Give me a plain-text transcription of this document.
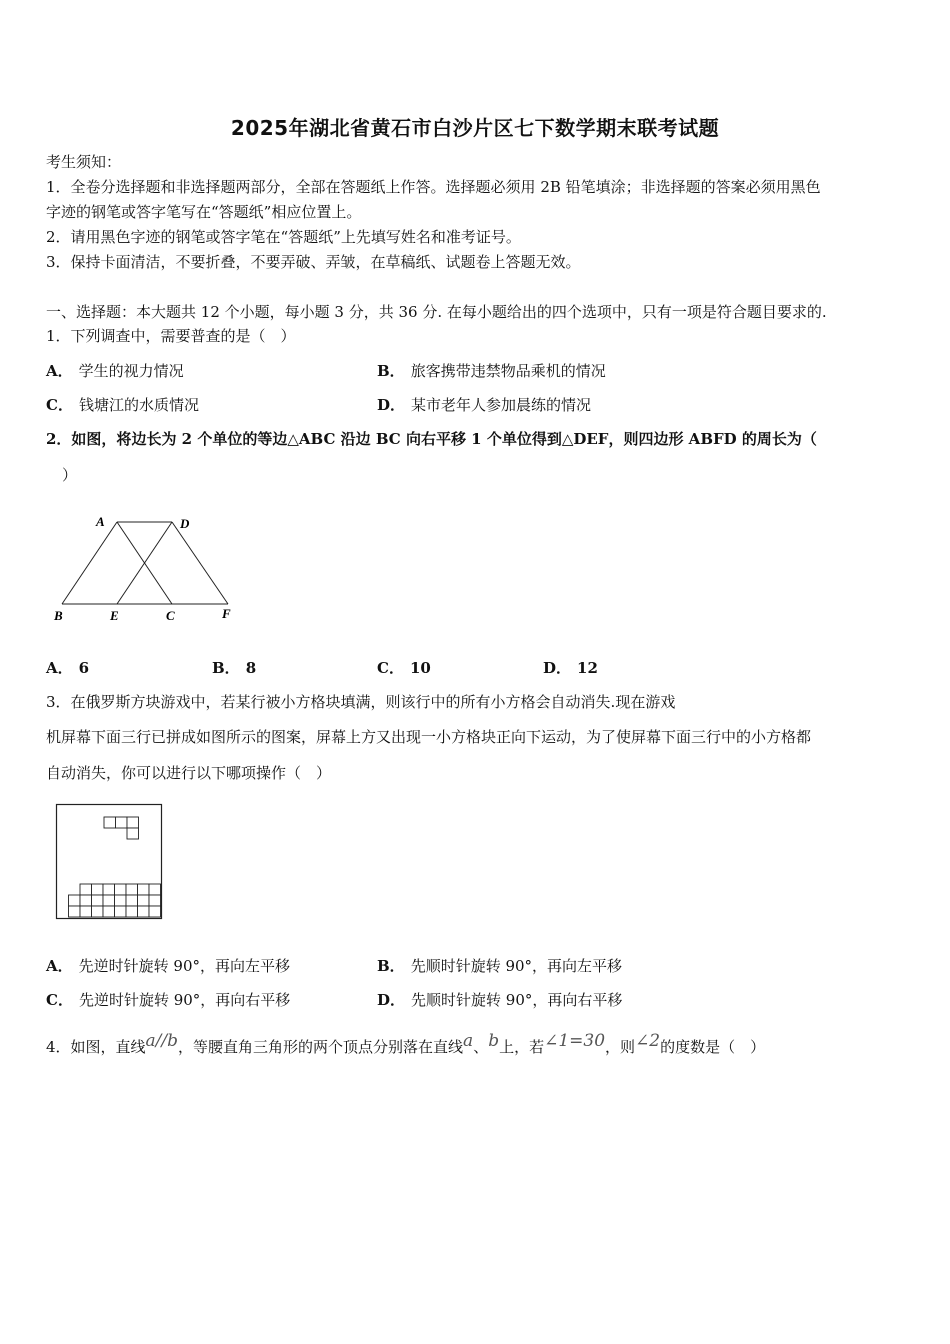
2025年湖北省黄石市白沙片区七下数学期末联考试题
考生须知：
1．全卷分选择题和非选择题两部分，全部在答题纸上作答。选择题必须用 2B 铅笔填涂；非选择题的答案必须用黑色
字迹的钢笔或答字笔写在“答题纸”相应位置上。
2．请用黑色字迹的钢笔或答字笔在“答题纸”上先填写姓名和准考证号。
3．保持卡面清洁，不要折叠，不要弄破、弄皱，在草稿纸、试题卷上答题无效。
一、选择题：本大题共 12 个小题，每小题 3 分，共 36 分. 在每小题给出的四个选项中，只有一项是符合题目要求的.
1．下列调查中，需要普查的是（　）
A． 学生的视力情况	B． 旅客携带违禁物品乘机的情况
C． 钱塘江的水质情况	D． 某市老年人参加晨练的情况
2．如图，将边长为 2 个单位的等边△ABC 沿边 BC 向右平移 1 个单位得到△DEF，则四边形 ABFD 的周长为（
）
A	D
B	E	C	F
A． 6	B． 8	C． 10	D． 12
3．在俄罗斯方块游戏中，若某行被小方格块填满，则该行中的所有小方格会自动消失.现在游戏
机屏幕下面三行已拼成如图所示的图案，屏幕上方又出现一小方格块正向下运动，为了使屏幕下面三行中的小方格都
自动消失，你可以进行以下哪项操作（　）
A． 先逆时针旋转 90°，再向左平移	B． 先顺时针旋转 90°，再向左平移
C． 先逆时针旋转 90°，再向右平移	D． 先顺时针旋转 90°，再向右平移
4．如图，直线a//b，等腰直角三角形的两个顶点分别落在直线a、b上，若∠1=30，则∠2的度数是（　）
